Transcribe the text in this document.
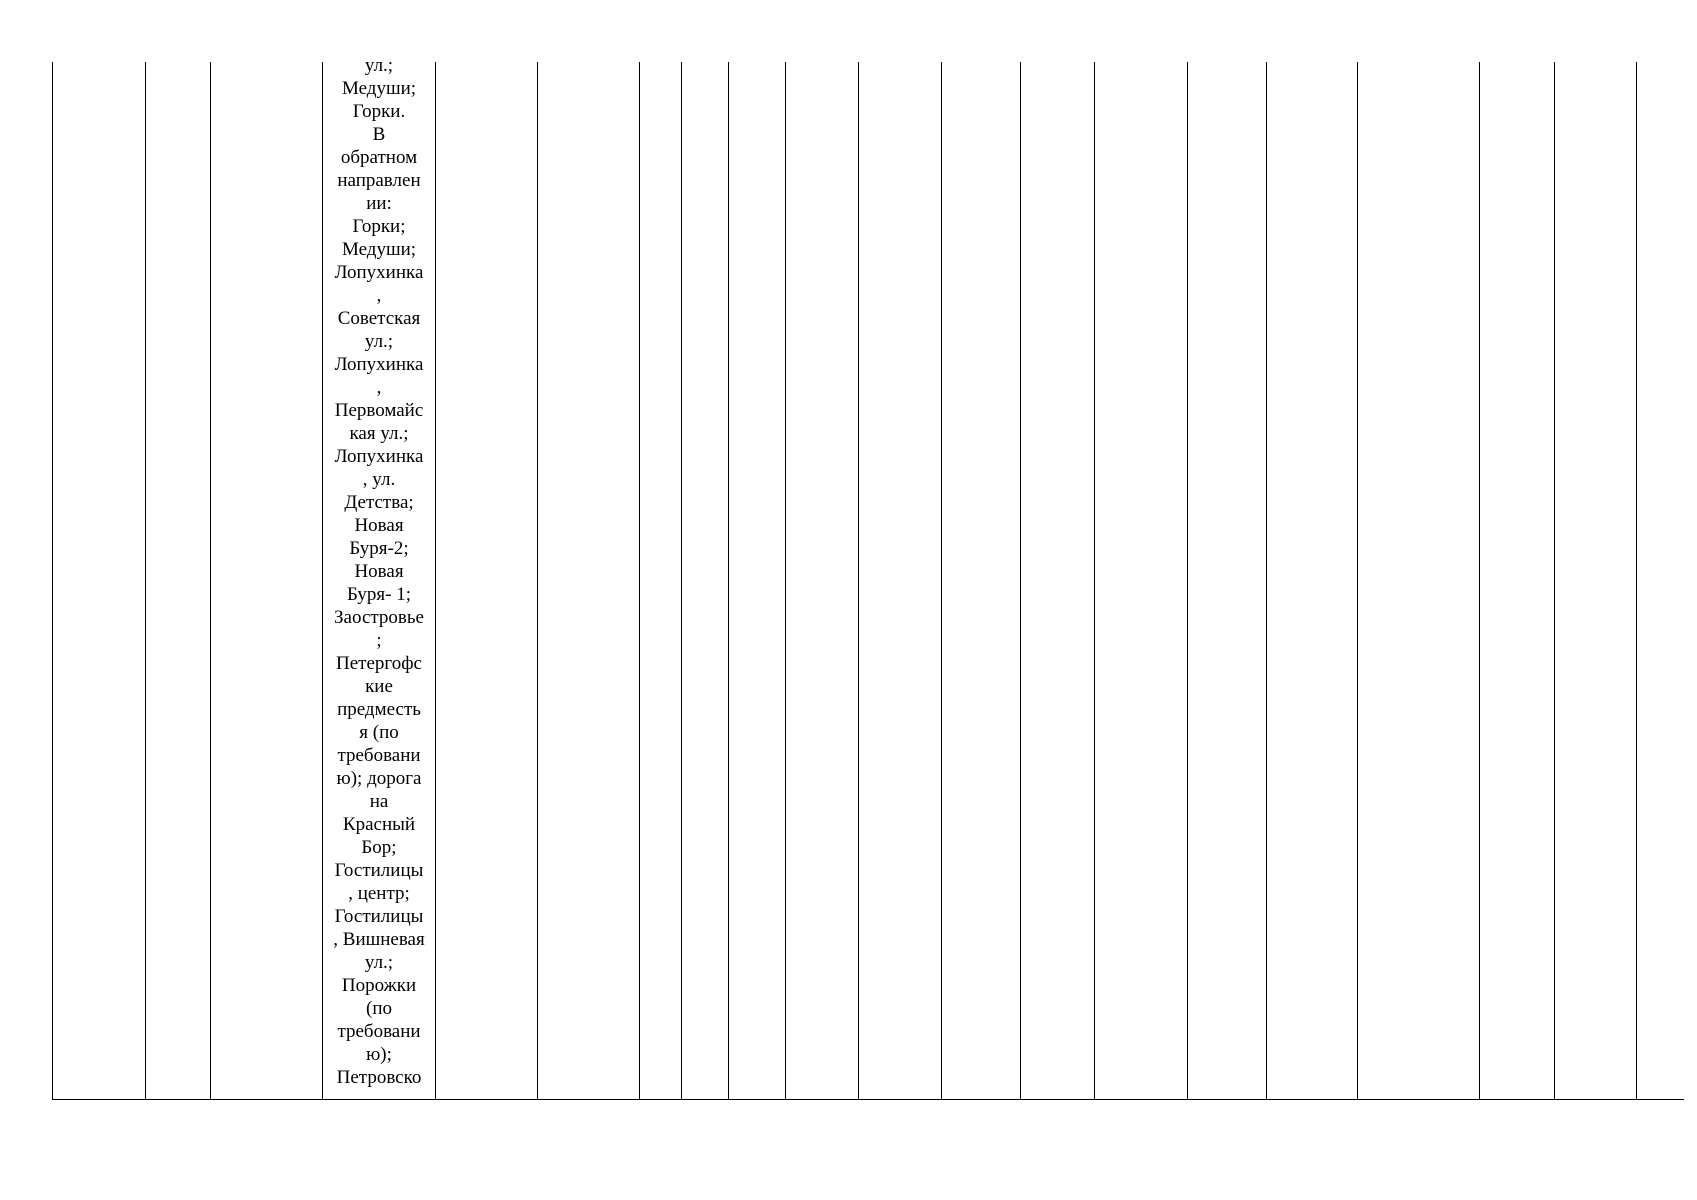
ул.;
Медуши;
Горки.
В
обратном
направлен
ии:
Горки;
Медуши;
Лопухинка
,
Советская
ул.;
Лопухинка
,
Первомайс
кая ул.;
Лопухинка
, ул.
Детства;
Новая
Буря-2;
Новая
Буря- 1;
Заостровье
;
Петергофс
кие
предместь
я (по
требовани
ю); дорога
на
Красный
Бор;
Гостилицы
, центр;
Гостилицы
, Вишневая
ул.;
Порожки
(по
требовани
ю);
Петровско
